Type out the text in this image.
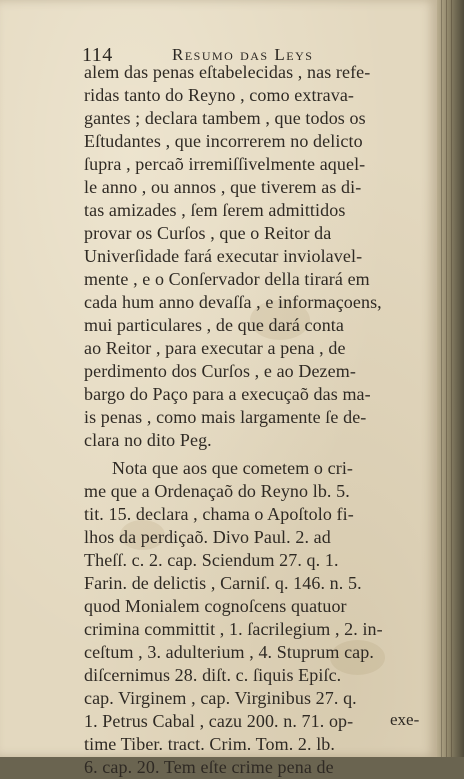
114	Resumo das Leys
alem das penas eſtabelecidas , nas refe-
ridas tanto do Reyno , como extrava-
gantes ; declara tambem , que todos os
Eſtudantes , que incorrerem no delicto
ſupra , percaõ irremiſſivelmente aquel-
le anno , ou annos , que tiverem as di-
tas amizades , ſem ſerem admittidos
provar os Curſos , que o Reitor da
Univerſidade fará executar inviolavel-
mente , e o Conſervador della tirará em
cada hum anno devaſſa , e informaçoens,
mui particulares , de que dará conta
ao Reitor , para executar a pena , de
perdimento dos Curſos , e ao Dezem-
bargo do Paço para a execuçaõ das ma-
is penas , como mais largamente ſe de-
clara no dito Peg.
Nota que aos que cometem o cri-
me que a Ordenaçaõ do Reyno lb. 5.
tit. 15. declara , chama o Apoſtolo fi-
lhos da perdiçaõ. Divo Paul. 2. ad
Theſſ. c. 2. cap. Sciendum 27. q. 1.
Farin. de delictis , Carniſ. q. 146. n. 5.
quod Monialem cognoſcens quatuor
crimina committit , 1. ſacrilegium , 2. in-
ceſtum , 3. adulterium , 4. Stuprum cap.
diſcernimus 28. diſt. c. ſiquis Epiſc.
cap. Virginem , cap. Virginibus 27. q.
1. Petrus Cabal , cazu 200. n. 71. op-
time Tiber. tract. Crim. Tom. 2. lb.
6. cap. 20. Tem eſte crime pena de
exe-
